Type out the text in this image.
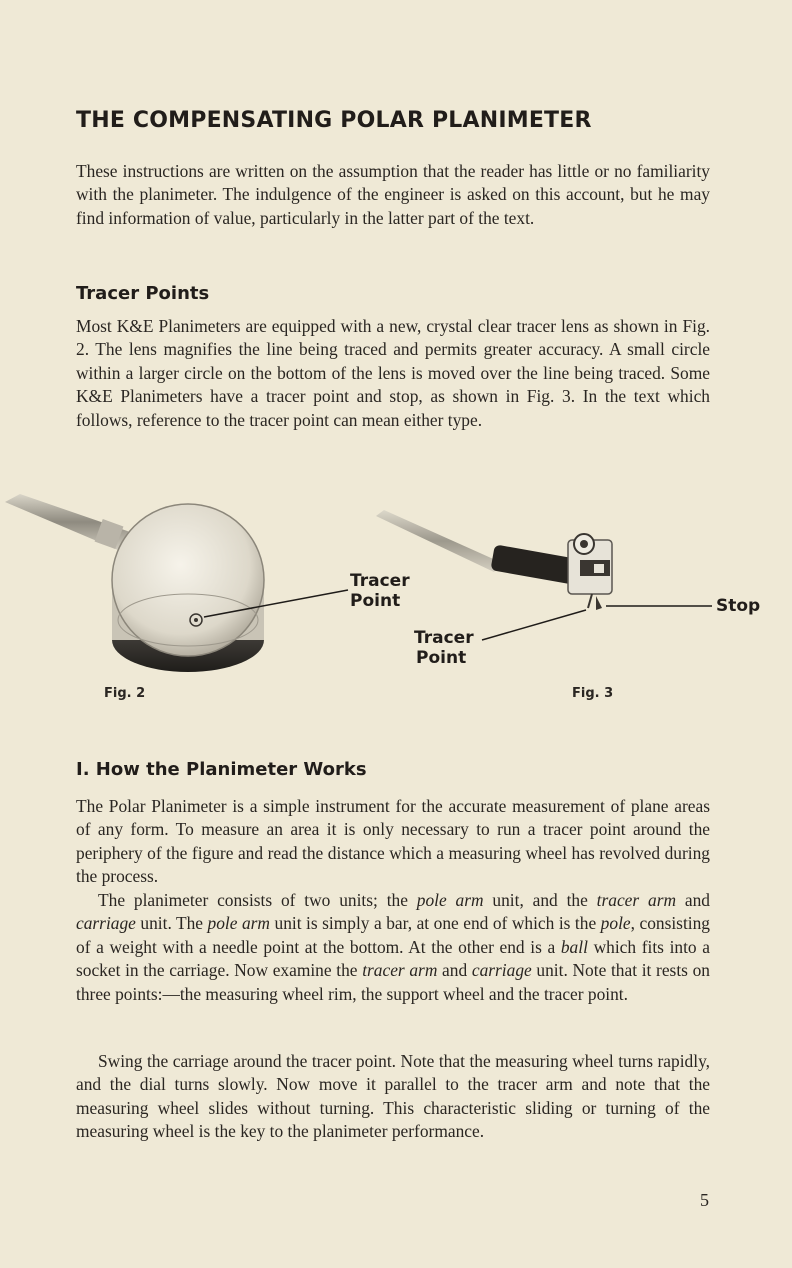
THE COMPENSATING POLAR PLANIMETER

These instructions are written on the assumption that the reader has little or no familiarity with the planimeter. The indulgence of the engineer is asked on this account, but he may find information of value, particularly in the latter part of the text.

Tracer Points

Most K&E Planimeters are equipped with a new, crystal clear tracer lens as shown in Fig. 2. The lens magnifies the line being traced and permits greater accuracy. A small circle within a larger circle on the bottom of the lens is moved over the line being traced. Some K&E Planimeters have a tracer point and stop, as shown in Fig. 3. In the text which follows, reference to the tracer point can mean either type.

Fig. 2	Fig. 3
Tracer
Point
Tracer
Point
Stop
I. How the Planimeter Works

The Polar Planimeter is a simple instrument for the accurate measurement of plane areas of any form. To measure an area it is only necessary to run a tracer point around the periphery of the figure and read the distance which a measuring wheel has revolved during the process.

The planimeter consists of two units; the pole arm unit, and the tracer arm and carriage unit. The pole arm unit is simply a bar, at one end of which is the pole, consisting of a weight with a needle point at the bottom. At the other end is a ball which fits into a socket in the carriage. Now examine the tracer arm and carriage unit. Note that it rests on three points:—the measuring wheel rim, the support wheel and the tracer point.

Swing the carriage around the tracer point. Note that the measuring wheel turns rapidly, and the dial turns slowly. Now move it parallel to the tracer arm and note that the measuring wheel slides without turning. This characteristic sliding or turning of the measuring wheel is the key to the planimeter performance.

5
